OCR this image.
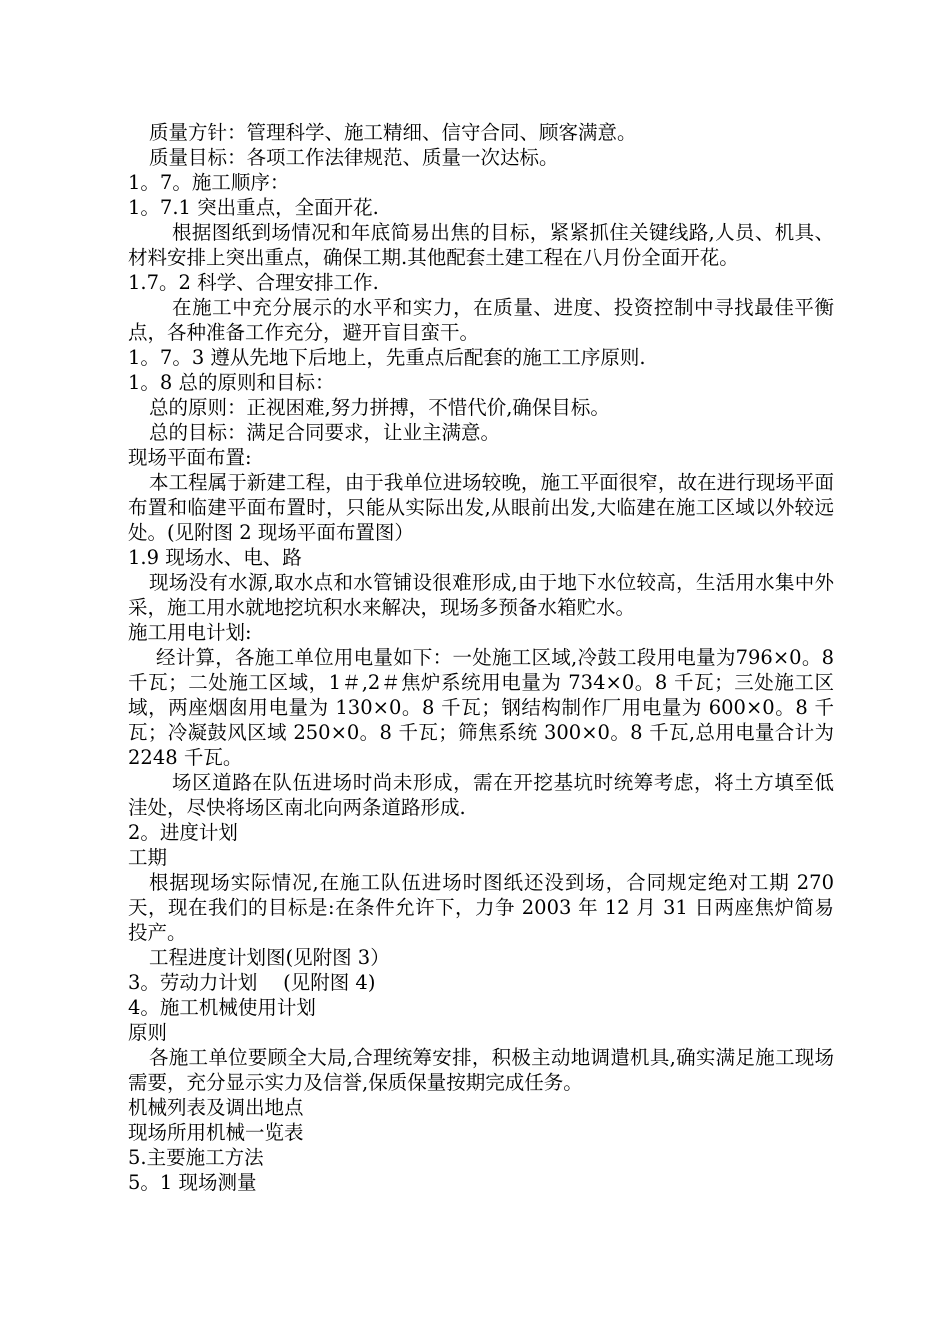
质量方针：管理科学、施工精细、信守合同、顾客满意。

质量目标：各项工作法律规范、质量一次达标。

1。7。施工顺序：

1。7.1 突出重点，全面开花.

根据图纸到场情况和年底简易出焦的目标，紧紧抓住关键线路,人员、机具、材料安排上突出重点，确保工期.其他配套土建工程在八月份全面开花。

1.7。2 科学、合理安排工作.

在施工中充分展示的水平和实力，在质量、进度、投资控制中寻找最佳平衡点，各种准备工作充分，避开盲目蛮干。

1。7。3 遵从先地下后地上，先重点后配套的施工工序原则.

1。8 总的原则和目标：

总的原则：正视困难,努力拼搏，不惜代价,确保目标。

总的目标：满足合同要求，让业主满意。

现场平面布置:

本工程属于新建工程，由于我单位进场较晚，施工平面很窄，故在进行现场平面布置和临建平面布置时，只能从实际出发,从眼前出发,大临建在施工区域以外较远处。(见附图 2 现场平面布置图）

1.9 现场水、电、路

现场没有水源,取水点和水管铺设很难形成,由于地下水位较高，生活用水集中外采，施工用水就地挖坑积水来解决，现场多预备水箱贮水。

施工用电计划:

经计算，各施工单位用电量如下：一处施工区域,冷鼓工段用电量为796×0。8 千瓦；二处施工区域，1＃,2＃焦炉系统用电量为 734×0。8 千瓦；三处施工区域，两座烟囱用电量为 130×0。8 千瓦；钢结构制作厂用电量为 600×0。8 千瓦；冷凝鼓风区域 250×0。8 千瓦；筛焦系统 300×0。8 千瓦,总用电量合计为 2248 千瓦。

场区道路在队伍进场时尚未形成，需在开挖基坑时统筹考虑，将土方填至低洼处，尽快将场区南北向两条道路形成.

2。进度计划

工期

根据现场实际情况,在施工队伍进场时图纸还没到场，合同规定绝对工期 270 天，现在我们的目标是:在条件允许下，力争 2003 年 12 月 31 日两座焦炉简易投产。

工程进度计划图(见附图 3）

3。劳动力计划 　(见附图 4)

4。施工机械使用计划

原则

各施工单位要顾全大局,合理统筹安排，积极主动地调遣机具,确实满足施工现场需要，充分显示实力及信誉,保质保量按期完成任务。

机械列表及调出地点

现场所用机械一览表

5.主要施工方法

5。1 现场测量
